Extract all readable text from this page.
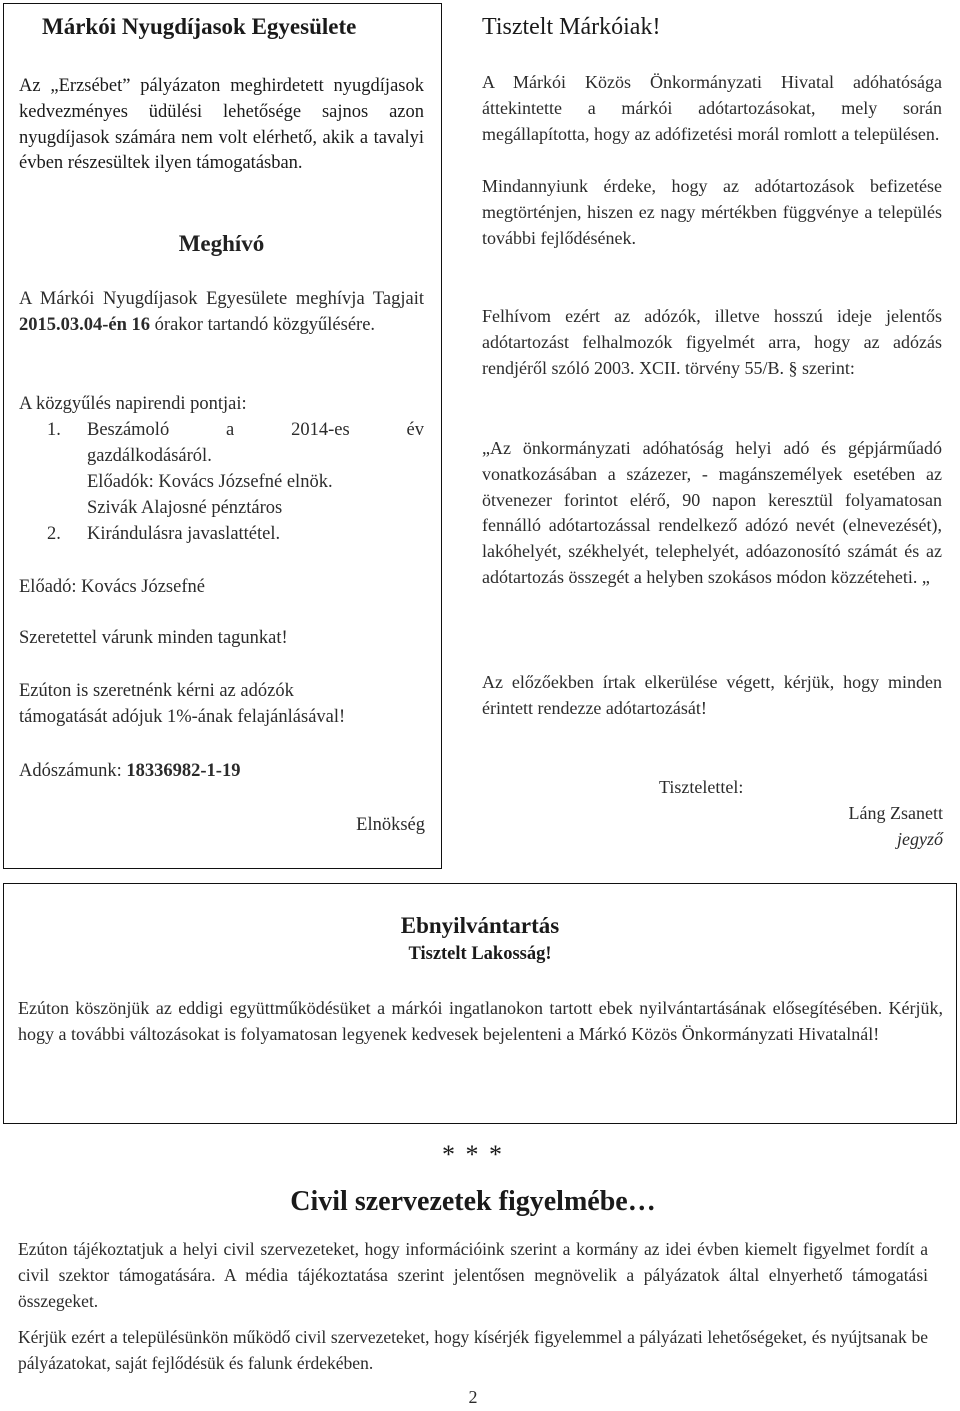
Márkói Nyugdíjasok Egyesülete
Az „Erzsébet” pályázaton meghirdetett nyugdíjasok kedvezményes üdülési lehetősége sajnos azon nyugdíjasok számára nem volt elérhető, akik a tavalyi évben részesültek ilyen támogatásban.
Meghívó
A Márkói Nyugdíjasok Egyesülete meghívja Tagjait 2015.03.04-én 16 órakor tartandó közgyűlésére.
A közgyűlés napirendi pontjai:
1. Beszámoló	a	2014-es	év
gazdálkodásáról.
Előadók: Kovács Józsefné elnök.
Szivák Alajosné pénztáros
2. Kirándulásra javaslattétel.
Előadó: Kovács Józsefné
Szeretettel várunk minden tagunkat!
Ezúton is szeretnénk kérni az adózók
támogatását adójuk 1%-ának felajánlásával!
Adószámunk: 18336982-1-19
Elnökség
Tisztelt Márkóiak!
A Márkói Közös Önkormányzati Hivatal adóhatósága áttekintette a márkói adótartozásokat, mely során megállapította, hogy az adófizetési morál romlott a településen.
Mindannyiunk érdeke, hogy az adótartozások befizetése megtörténjen, hiszen ez nagy mértékben függvénye a település további fejlődésének.
Felhívom ezért az adózók, illetve hosszú ideje jelentős adótartozást felhalmozók figyelmét arra, hogy az adózás rendjéről szóló 2003. XCII. törvény 55/B. § szerint:
„Az önkormányzati adóhatóság helyi adó és gépjárműadó vonatkozásában a százezer, - magánszemélyek esetében az ötvenezer forintot elérő, 90 napon keresztül folyamatosan fennálló adótartozással rendelkező adózó nevét (elnevezését), lakóhelyét, székhelyét, telephelyét, adóazonosító számát és az adótartozás összegét a helyben szokásos módon közzéteheti. „
Az előzőekben írtak elkerülése végett, kérjük, hogy minden érintett rendezze adótartozását!
Tisztelettel:
Láng Zsanett
jegyző
Ebnyilvántartás
Tisztelt Lakosság!
Ezúton köszönjük az eddigi együttműködésüket a márkói ingatlanokon tartott ebek nyilvántartásának elősegítésében. Kérjük, hogy a további változásokat is folyamatosan legyenek kedvesek bejelenteni a Márkó Közös Önkormányzati Hivatalnál!
* * *
Civil szervezetek figyelmébe…
Ezúton tájékoztatjuk a helyi civil szervezeteket, hogy információink szerint a kormány az idei évben kiemelt figyelmet fordít a civil szektor támogatására. A média tájékoztatása szerint jelentősen megnövelik a pályázatok által elnyerhető támogatási összegeket.
Kérjük ezért a településünkön működő civil szervezeteket, hogy kísérjék figyelemmel a pályázati lehetőségeket, és nyújtsanak be pályázatokat, saját fejlődésük és falunk érdekében.
2
